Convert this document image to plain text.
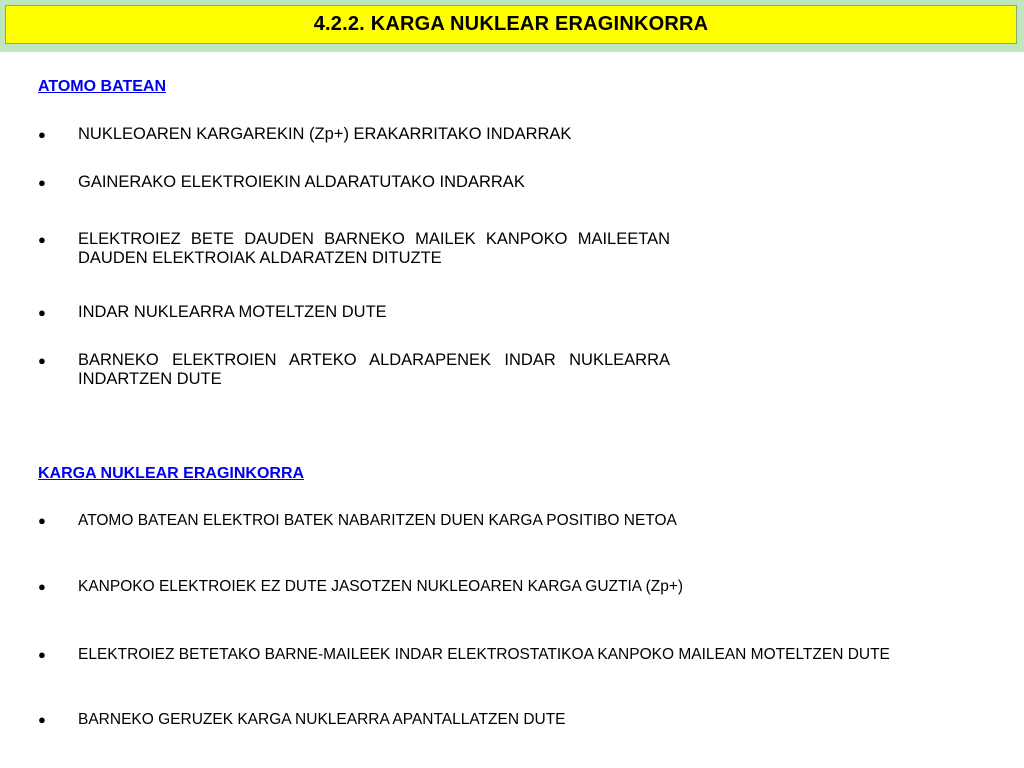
4.2.2. KARGA NUKLEAR ERAGINKORRA
ATOMO BATEAN
●	NUKLEOAREN KARGAREKIN (Zp+) ERAKARRITAKO INDARRAK
●	GAINERAKO ELEKTROIEKIN ALDARATUTAKO INDARRAK
●	ELEKTROIEZ BETE DAUDEN BARNEKO MAILEK KANPOKO MAILEETAN DAUDEN ELEKTROIAK ALDARATZEN DITUZTE
●	INDAR NUKLEARRA MOTELTZEN DUTE
●	BARNEKO ELEKTROIEN ARTEKO ALDARAPENEK INDAR NUKLEARRA INDARTZEN DUTE
KARGA NUKLEAR ERAGINKORRA
●	ATOMO BATEAN ELEKTROI BATEK NABARITZEN DUEN KARGA POSITIBO NETOA
●	KANPOKO ELEKTROIEK EZ DUTE JASOTZEN NUKLEOAREN KARGA GUZTIA (Zp+)
●	ELEKTROIEZ BETETAKO BARNE-MAILEEK INDAR ELEKTROSTATIKOA KANPOKO MAILEAN MOTELTZEN DUTE
●	BARNEKO GERUZEK KARGA NUKLEARRA APANTALLATZEN DUTE
